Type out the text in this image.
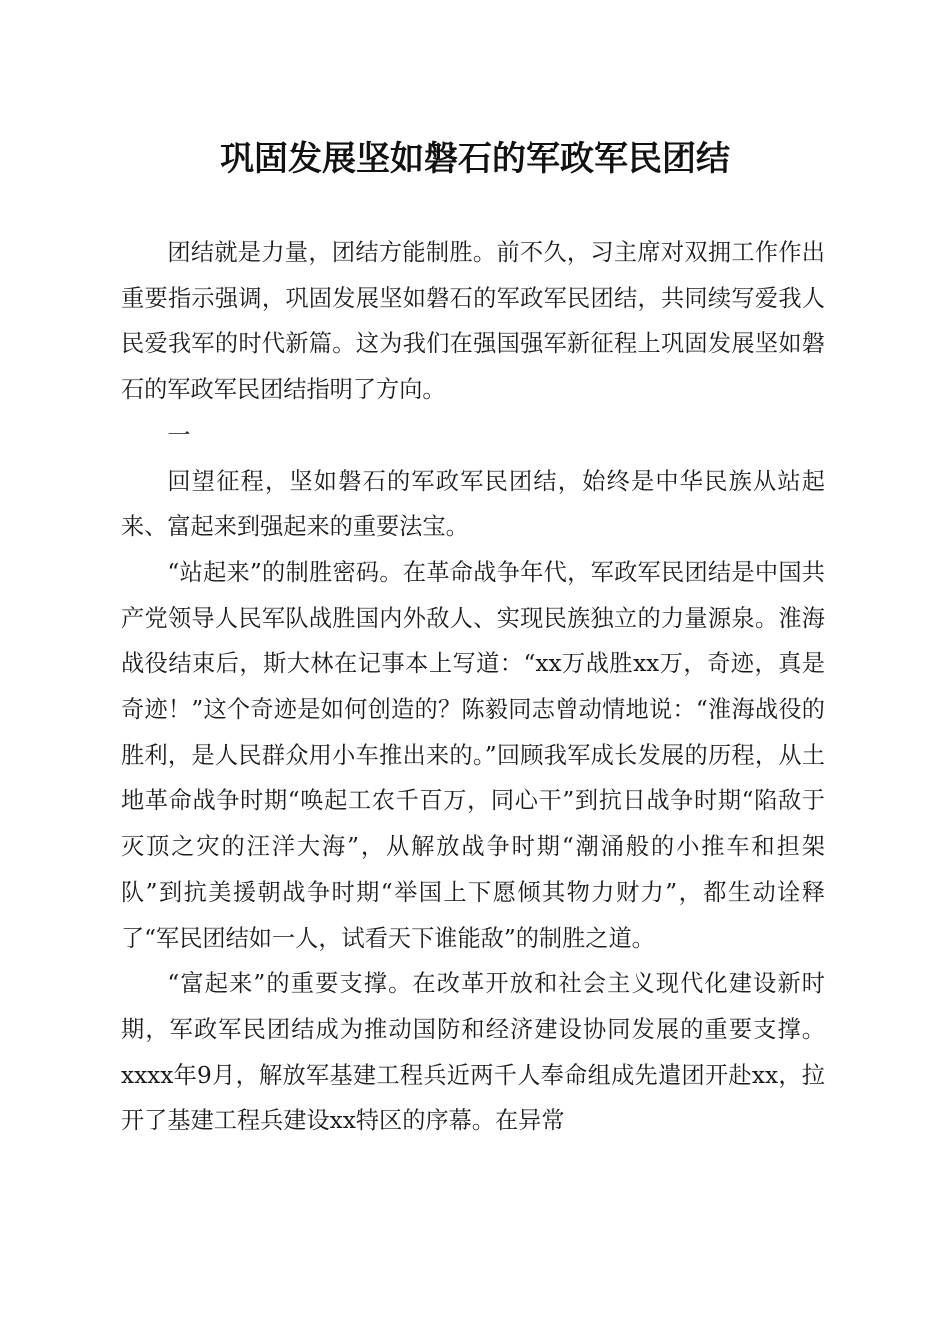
巩固发展坚如磐石的军政军民团结

团结就是力量，团结方能制胜。前不久，习主席对双拥工作作出重要指示强调，巩固发展坚如磐石的军政军民团结，共同续写爱我人民爱我军的时代新篇。这为我们在强国强军新征程上巩固发展坚如磐石的军政军民团结指明了方向。

一

回望征程，坚如磐石的军政军民团结，始终是中华民族从站起来、富起来到强起来的重要法宝。

“站起来”的制胜密码。在革命战争年代，军政军民团结是中国共产党领导人民军队战胜国内外敌人、实现民族独立的力量源泉。淮海战役结束后，斯大林在记事本上写道：“xx万战胜xx万，奇迹，真是奇迹！”这个奇迹是如何创造的？陈毅同志曾动情地说：“淮海战役的胜利，是人民群众用小车推出来的。”回顾我军成长发展的历程，从土地革命战争时期“唤起工农千百万，同心干”到抗日战争时期“陷敌于灭顶之灾的汪洋大海”，从解放战争时期“潮涌般的小推车和担架队”到抗美援朝战争时期“举国上下愿倾其物力财力”，都生动诠释了“军民团结如一人，试看天下谁能敌”的制胜之道。

“富起来”的重要支撑。在改革开放和社会主义现代化建设新时期，军政军民团结成为推动国防和经济建设协同发展的重要支撑。xxxx年9月，解放军基建工程兵近两千人奉命组成先遣团开赴xx，拉开了基建工程兵建设xx特区的序幕。在异常
